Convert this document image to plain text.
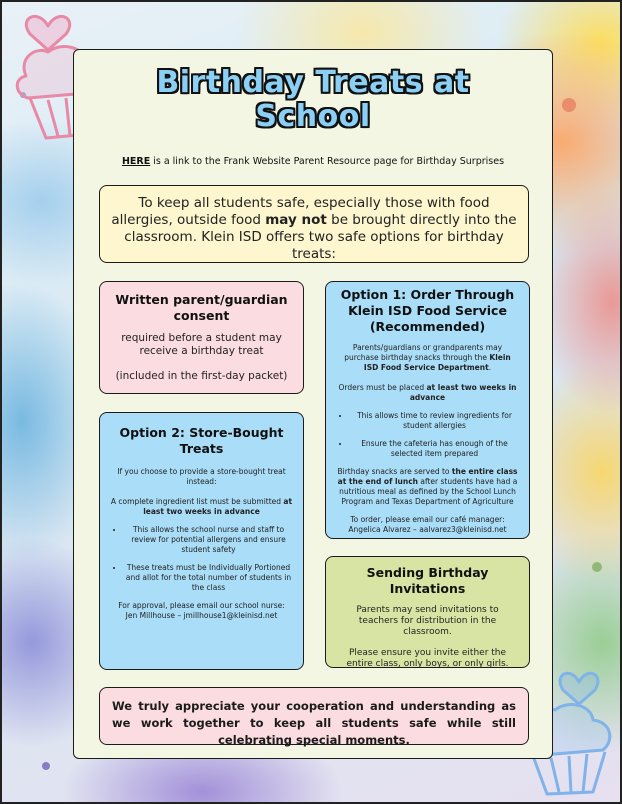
Birthday Treats at
School
HERE is a link to the Frank Website Parent Resource page for Birthday Surprises
To keep all students safe, especially those with food allergies, outside food may not be brought directly into the classroom. Klein ISD offers two safe options for birthday treats:
Written parent/guardian consent
required before a student may receive a birthday treat
(included in the first-day packet)
Option 2: Store-Bought Treats

If you choose to provide a store-bought treat instead:

A complete ingredient list must be submitted at least two weeks in advance

• This allows the school nurse and staff to review for potential allergens and ensure student safety
• These treats must be Individually Portioned and allot for the total number of students in the class

For approval, please email our school nurse:

Jen Millhouse – jmillhouse1@kleinisd.net

Option 1: Order Through Klein ISD Food Service (Recommended)

Parents/guardians or grandparents may purchase birthday snacks through the Klein ISD Food Service Department.

Orders must be placed at least two weeks in advance

• This allows time to review ingredients for student allergies
• Ensure the cafeteria has enough of the selected item prepared

Birthday snacks are served to the entire class at the end of lunch after students have had a nutritious meal as defined by the School Lunch Program and Texas Department of Agriculture

To order, please email our café manager:

Angelica Alvarez – aalvarez3@kleinisd.net

Sending Birthday Invitations

Parents may send invitations to teachers for distribution in the classroom.

Please ensure you invite either the entire class, only boys, or only girls.

We truly appreciate your cooperation and understanding as we work together to keep all students safe while still celebrating special moments.
